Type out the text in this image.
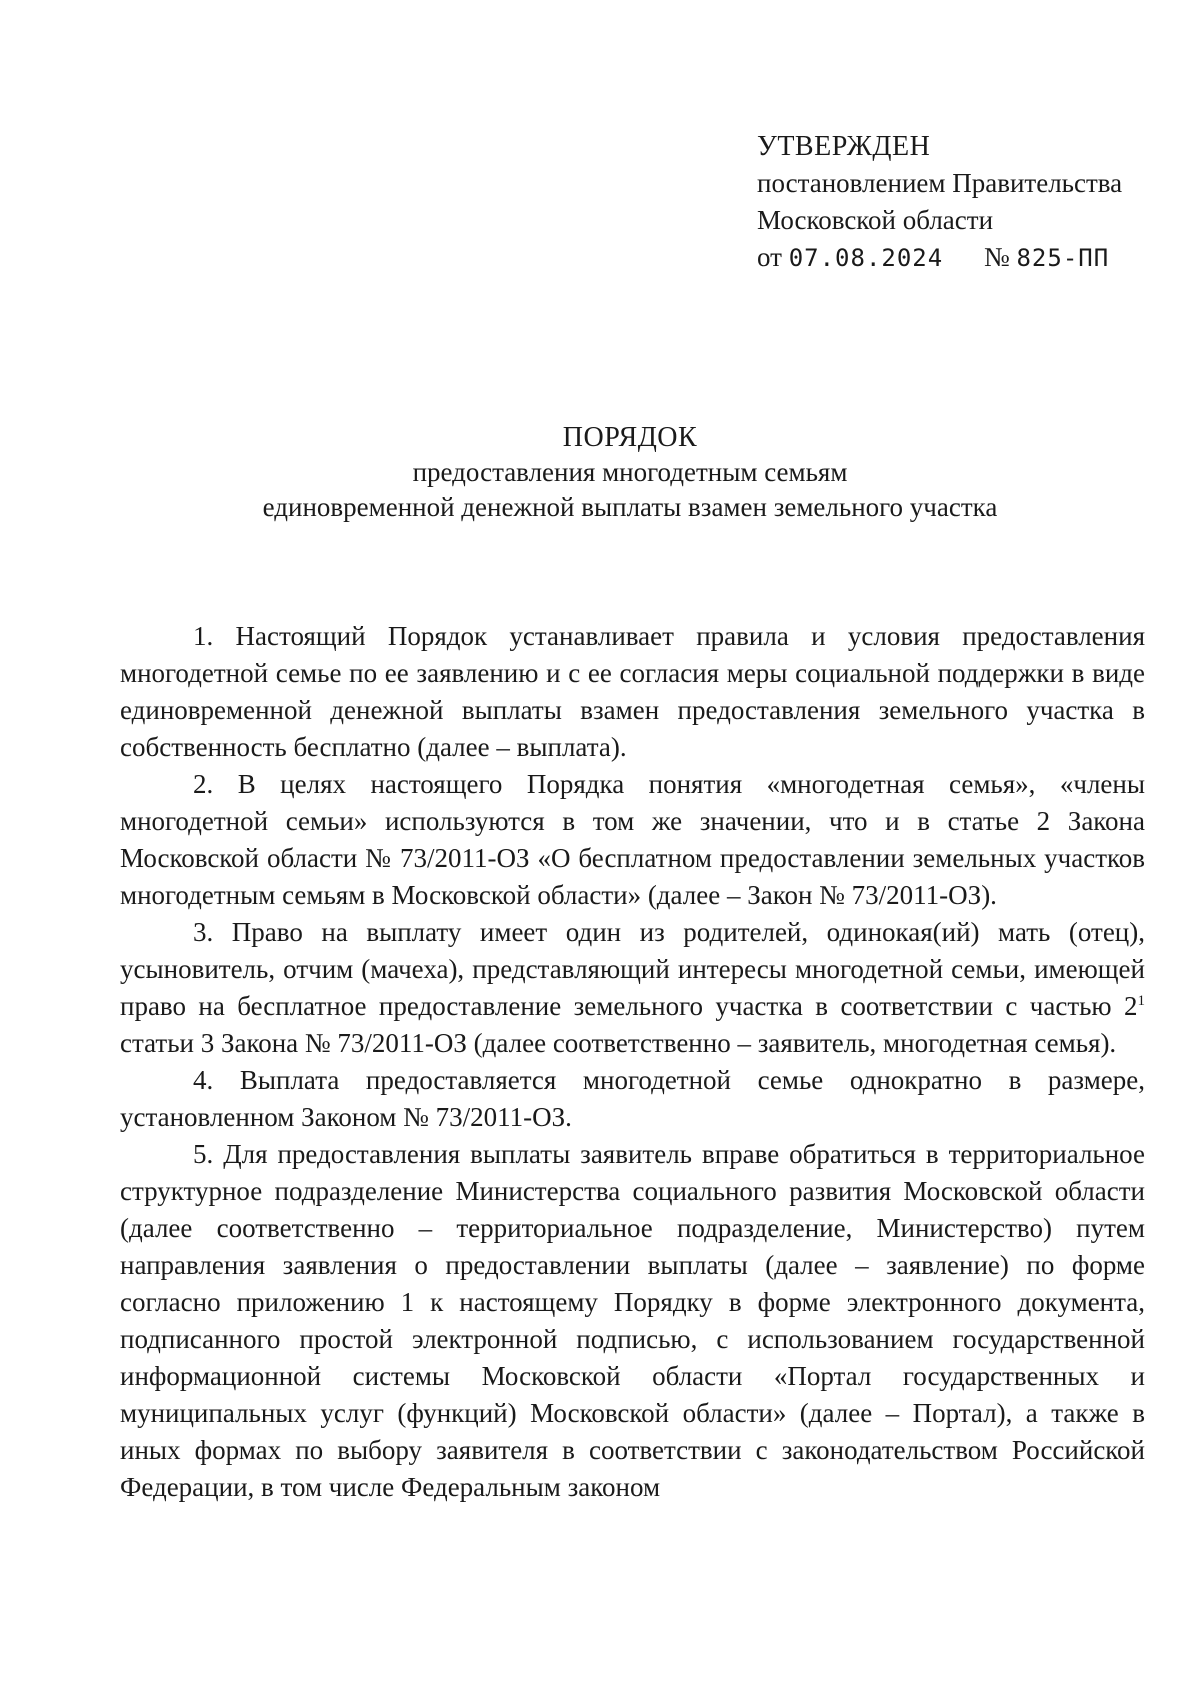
УТВЕРЖДЕН
постановлением Правительства
Московской области
от 07.08.2024 № 825-ПП
ПОРЯДОК
предоставления многодетным семьям
единовременной денежной выплаты взамен земельного участка

1. Настоящий Порядок устанавливает правила и условия предоставления многодетной семье по ее заявлению и с ее согласия меры социальной поддержки в виде единовременной денежной выплаты взамен предоставления земельного участка в собственность бесплатно (далее – выплата).

2. В целях настоящего Порядка понятия «многодетная семья», «члены многодетной семьи» используются в том же значении, что и в статье 2 Закона Московской области № 73/2011-ОЗ «О бесплатном предоставлении земельных участков многодетным семьям в Московской области» (далее – Закон № 73/2011-ОЗ).

3. Право на выплату имеет один из родителей, одинокая(ий) мать (отец), усыновитель, отчим (мачеха), представляющий интересы многодетной семьи, имеющей право на бесплатное предоставление земельного участка в соответствии с частью $2^1$ статьи 3 Закона № 73/2011-ОЗ (далее соответственно – заявитель, многодетная семья).

4. Выплата предоставляется многодетной семье однократно в размере, установленном Законом № 73/2011-ОЗ.

5. Для предоставления выплаты заявитель вправе обратиться в территориальное структурное подразделение Министерства социального развития Московской области (далее соответственно – территориальное подразделение, Министерство) путем направления заявления о предоставлении выплаты (далее – заявление) по форме согласно приложению 1 к настоящему Порядку в форме электронного документа, подписанного простой электронной подписью, с использованием государственной информационной системы Московской области «Портал государственных и муниципальных услуг (функций) Московской области» (далее – Портал), а также в иных формах по выбору заявителя в соответствии с законодательством Российской Федерации, в том числе Федеральным законом
